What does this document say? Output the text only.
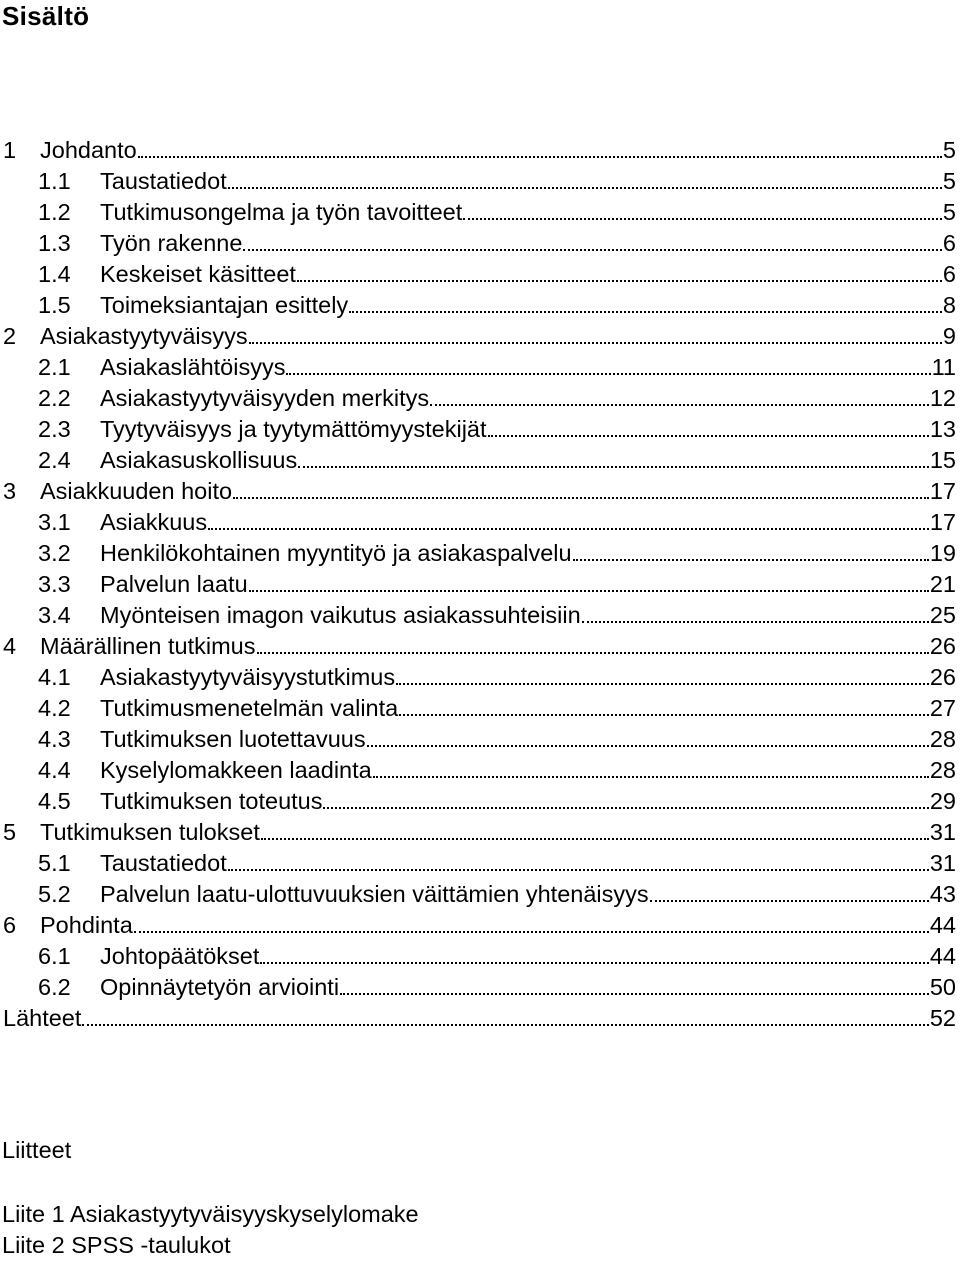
Sisältö
1	Johdanto	5
1.1	Taustatiedot	5
1.2	Tutkimusongelma ja työn tavoitteet	5
1.3	Työn rakenne	6
1.4	Keskeiset käsitteet	6
1.5	Toimeksiantajan esittely	8
2	Asiakastyytyväisyys	9
2.1	Asiakaslähtöisyys	11
2.2	Asiakastyytyväisyyden merkitys	12
2.3	Tyytyväisyys ja tyytymättömyystekijät	13
2.4	Asiakasuskollisuus	15
3	Asiakkuuden hoito	17
3.1	Asiakkuus	17
3.2	Henkilökohtainen myyntityö ja asiakaspalvelu	19
3.3	Palvelun laatu	21
3.4	Myönteisen imagon vaikutus asiakassuhteisiin	25
4	Määrällinen tutkimus	26
4.1	Asiakastyytyväisyystutkimus	26
4.2	Tutkimusmenetelmän valinta	27
4.3	Tutkimuksen luotettavuus	28
4.4	Kyselylomakkeen laadinta	28
4.5	Tutkimuksen toteutus	29
5	Tutkimuksen tulokset	31
5.1	Taustatiedot	31
5.2	Palvelun laatu-ulottuvuuksien väittämien yhtenäisyys	43
6	Pohdinta	44
6.1	Johtopäätökset	44
6.2	Opinnäytetyön arviointi	50
Lähteet	52
Liitteet
Liite 1 Asiakastyytyväisyyskyselylomake
Liite 2 SPSS -taulukot
